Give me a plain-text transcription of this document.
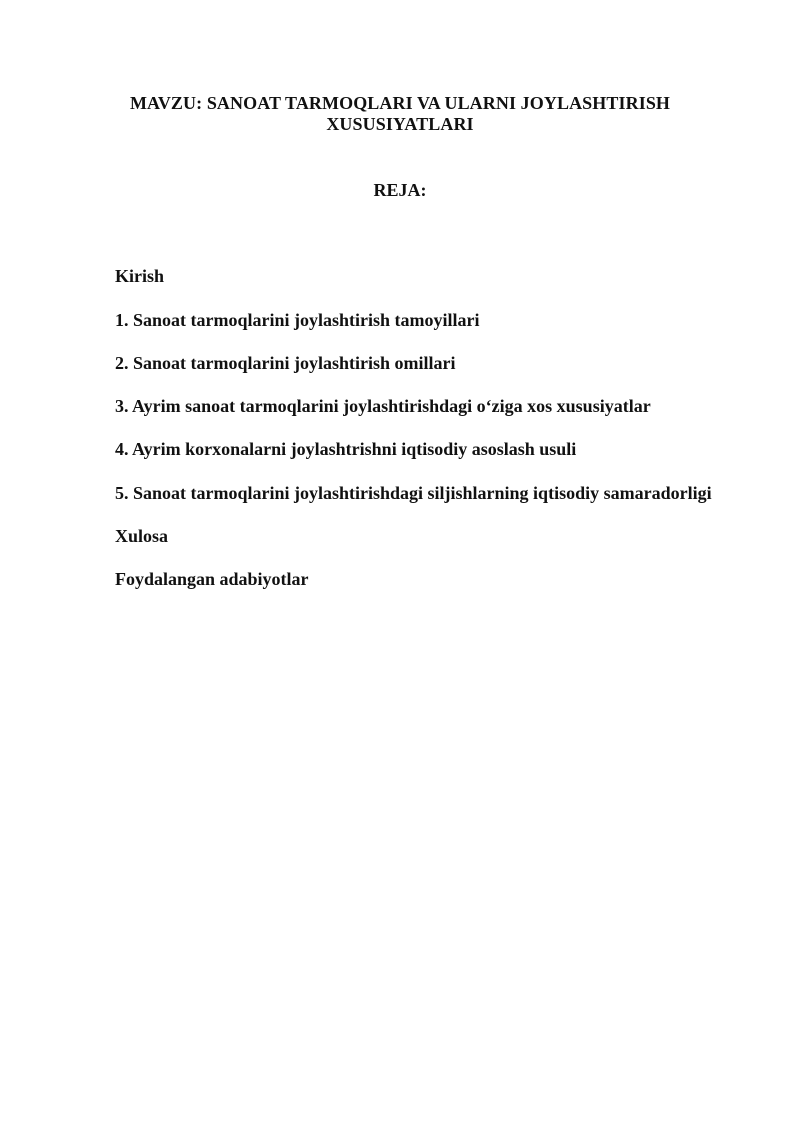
MAVZU: SANOAT TARMOQLARI VA ULARNI JOYLASHTIRISH XUSUSIYATLARI
REJA:
Kirish
1. Sanoat tarmoqlarini joylashtirish tamoyillari
2. Sanoat tarmoqlarini joylashtirish omillari
3. Ayrim sanoat tarmoqlarini joylashtirishdagi o‘ziga xos xususiyatlar
4. Ayrim korxonalarni joylashtrishni iqtisodiy asoslash usuli
5. Sanoat tarmoqlarini joylashtirishdagi siljishlarning iqtisodiy samaradorligi
Xulosa
Foydalangan adabiyotlar
